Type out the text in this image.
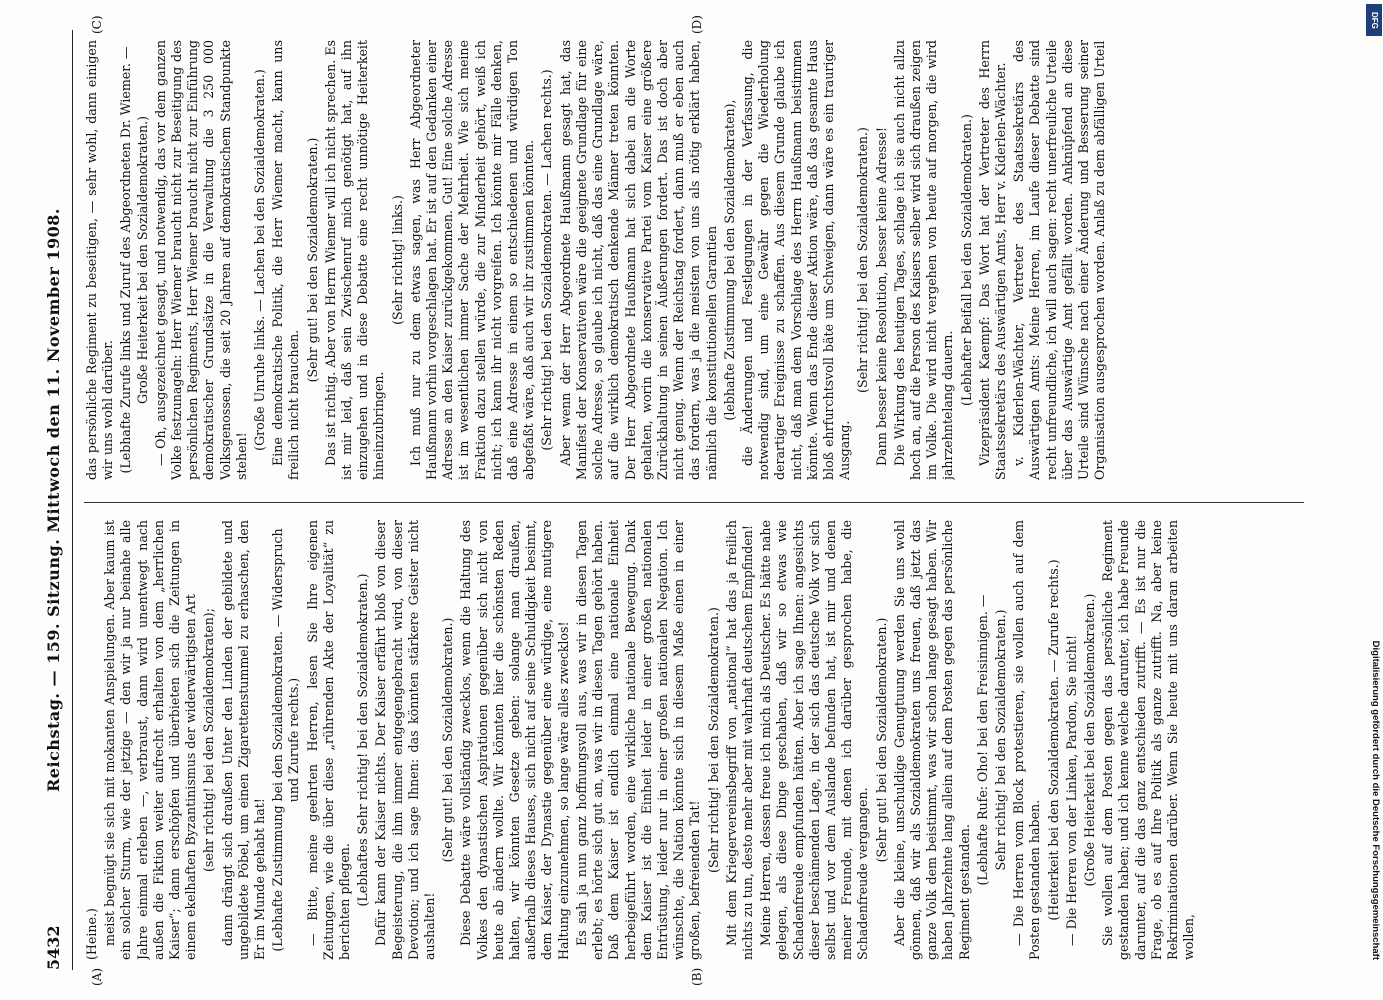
5432
Reichstag. — 159. Sitzung. Mittwoch den 11. November 1908.

(Heine.) meist begnügt sie sich mit mokanten Anspielungen. Aber kaum ist ein solcher Sturm, wie der jetzige — den wir ja nur beinahe alle Jahre einmal erleben —, verbraust, dann wird unentwegt nach außen die Fiktion weiter aufrecht erhalten von dem „herrlichen Kaiser“; dann erschöpfen und überbieten sich die Zeitungen in einem ekelhaften Byzantinismus der widerwärtigsten Art (sehr richtig! bei den Sozialdemokraten); dann drängt sich draußen Unter den Linden der gebildete und ungebildete Pöbel, um einen Zigarettenstummel zu erhaschen, den Er im Munde gehabt hat! (Lebhafte Zustimmung bei den Sozialdemokraten. — Widerspruch und Zurufe rechts.) — Bitte, meine geehrten Herren, lesen Sie Ihre eigenen Zeitungen, wie die über diese „rührenden Akte der Loyalität“ zu berichten pflegen. (Lebhaftes Sehr richtig! bei den Sozialdemokraten.) Dafür kann der Kaiser nichts. Der Kaiser erfährt bloß von dieser Begeisterung, die ihm immer entgegengebracht wird, von dieser Devotion; und ich sage Ihnen: das könnten stärkere Geister nicht aushalten!

(Sehr gut! bei den Sozialdemokraten.) Diese Debatte wäre vollständig zwecklos, wenn die Haltung des Volkes den dynastischen Aspirationen gegenüber sich nicht von heute ab ändern wollte. Wir könnten hier die schönsten Reden halten, wir könnten Gesetze geben: solange man draußen, außerhalb dieses Hauses, sich nicht auf seine Schuldigkeit besinnt, dem Kaiser, der Dynastie gegenüber eine würdige, eine mutigere Haltung einzunehmen, so lange wäre alles zwecklos! Es sah ja nun ganz hoffnungsvoll aus, was wir in diesen Tagen erlebt; es hörte sich gut an, was wir in diesen Tagen gehört haben. Daß dem Kaiser ist endlich einmal eine nationale Einheit herbeigeführt worden, eine wirkliche nationale Bewegung. Dank dem Kaiser ist die Einheit leider in einer großen nationalen Entrüstung, leider nur in einer großen nationalen Negation. Ich wünschte, die Nation könnte sich in diesem Maße einen in einer großen, befreienden Tat!

(Sehr richtig! bei den Sozialdemokraten.) Mit dem Kriegervereinsbegriff von „national“ hat das ja freilich nichts zu tun, desto mehr aber mit wahrhaft deutschem Empfinden! Meine Herren, dessen freue ich mich als Deutscher. Es hätte nahe gelegen, als diese Dinge geschahen, daß wir so etwas wie Schadenfreude empfunden hätten. Aber ich sage Ihnen: angesichts dieser beschämenden Lage, in der sich das deutsche Volk vor sich selbst und vor dem Auslande befunden hat, ist mir und denen meiner Freunde, mit denen ich darüber gesprochen habe, die Schadenfreude vergangen.

(Sehr gut! bei den Sozialdemokraten.) Aber die kleine, unschuldige Genugtuung werden Sie uns wohl gönnen, daß wir als Sozialdemokraten uns freuen, daß jetzt das ganze Volk dem beistimmt, was wir schon lange gesagt haben. Wir haben Jahrzehnte lang allein auf dem Posten gegen das persönliche Regiment gestanden.

(Lebhafte Rufe: Oho! bei den Freisinnigen. — Sehr richtig! bei den Sozialdemokraten.) — Die Herren vom Block protestieren, sie wollen auch auf dem Posten gestanden haben. (Heiterkeit bei den Sozialdemokraten. — Zurufe rechts.) — Die Herren von der Linken, Pardon, Sie nicht! (Große Heiterkeit bei den Sozialdemokraten.) Sie wollen auf dem Posten gegen das persönliche Regiment gestanden haben; und ich kenne welche darunter, ich habe Freunde darunter, auf die das ganz entschieden zutrifft. — Es ist nur die Frage, ob es auf Ihre Politik als ganze zutrifft. Na, aber keine Rekriminationen darüber. Wenn Sie heute mit uns daran arbeiten wollen,

das persönliche Regiment zu beseitigen, — sehr wohl, dann einigen wir uns wohl darüber. (Lebhafte Zurufe links und Zuruf des Abgeordneten Dr. Wiemer. — Große Heiterkeit bei den Sozialdemokraten.) — Oh, ausgezeichnet gesagt, und notwendig, das vor dem ganzen Volke festzunageln: Herr Wiemer braucht nicht zur Beseitigung des persönlichen Regiments, Herr Wiemer braucht nicht zur Einführung demokratischer Grundsätze in die Verwaltung die 3 250 000 Volksgenossen, die seit 20 Jahren auf demokratischem Standpunkte stehen!

(Große Unruhe links. — Lachen bei den Sozialdemokraten.) Eine demokratische Politik, die Herr Wiemer macht, kann uns freilich nicht brauchen.

(Sehr gut! bei den Sozialdemokraten.) Das ist richtig. Aber von Herrn Wiemer will ich nicht sprechen. Es ist mir leid, daß sein Zwischenruf mich genötigt hat, auf ihn einzugehen und in diese Debatte eine recht unnötige Heiterkeit hineinzubringen.

(Sehr richtig! links.) Ich muß nur zu dem etwas sagen, was Herr Abgeordneter Haußmann vorhin vorgeschlagen hat. Er ist auf den Gedanken einer Adresse an den Kaiser zurückgekommen. Gut! Eine solche Adresse ist im wesentlichen immer Sache der Mehrheit. Wie sich meine Fraktion dazu stellen würde, die zur Minderheit gehört, weiß ich nicht; ich kann ihr nicht vorgreifen. Ich könnte mir Fälle denken, daß eine Adresse in einem so entschiedenen und würdigen Ton abgefaßt wäre, daß auch wir ihr zustimmen könnten. (Sehr richtig! bei den Sozialdemokraten. — Lachen rechts.) Aber wenn der Herr Abgeordnete Haußmann gesagt hat, das Manifest der Konservativen wäre die geeignete Grundlage für eine solche Adresse, so glaube ich nicht, daß das eine Grundlage wäre, auf die wirklich demokratisch denkende Männer treten könnten. Der Herr Abgeordnete Haußmann hat sich dabei an die Worte gehalten, worin die konservative Partei vom Kaiser eine größere Zurückhaltung in seinen Äußerungen fordert. Das ist doch aber nicht genug. Wenn der Reichstag fordert, dann muß er eben auch das fordern, was ja die meisten von uns als nötig erklärt haben, nämlich die konstitutionellen Garantien (lebhafte Zustimmung bei den Sozialdemokraten), die Änderungen und Festlegungen in der Verfassung, die notwendig sind, um eine Gewähr gegen die Wiederholung derartiger Ereignisse zu schaffen. Aus diesem Grunde glaube ich nicht, daß man dem Vorschlage des Herrn Haußmann beistimmen könnte. Wenn das Ende dieser Aktion wäre, daß das gesamte Haus bloß ehrfurchtsvoll bäte um Schweigen, dann wäre es ein trauriger Ausgang.

(Sehr richtig! bei den Sozialdemokraten.) Dann besser keine Resolution, besser keine Adresse! Die Wirkung des heutigen Tages, schlage ich sie auch nicht allzu hoch an, auf die Person des Kaisers selber wird sich draußen zeigen im Volke. Die wird nicht vergehen von heute auf morgen, die wird jahrzehntelang dauern. (Lebhafter Beifall bei den Sozialdemokraten.) Vizepräsident Kaempf: Das Wort hat der Vertreter des Herrn Staatssekretärs des Auswärtigen Amts, Herr v. Kiderlen-Wächter. v. Kiderlen-Wächter, Vertreter des Staatssekretärs des Auswärtigen Amts: Meine Herren, im Laufe dieser Debatte sind recht unfreundliche, ich will auch sagen: recht unerfreuliche Urteile über das Auswärtige Amt gefällt worden. Anknüpfend an diese Urteile sind Wünsche nach einer Änderung und Besserung seiner Organisation ausgesprochen worden. Anlaß zu dem abfälligen Urteil

(A)	(B)
(C)	(D)	DFG
Digitalisierung gefördert durch die Deutsche Forschungsgemeinschaft
